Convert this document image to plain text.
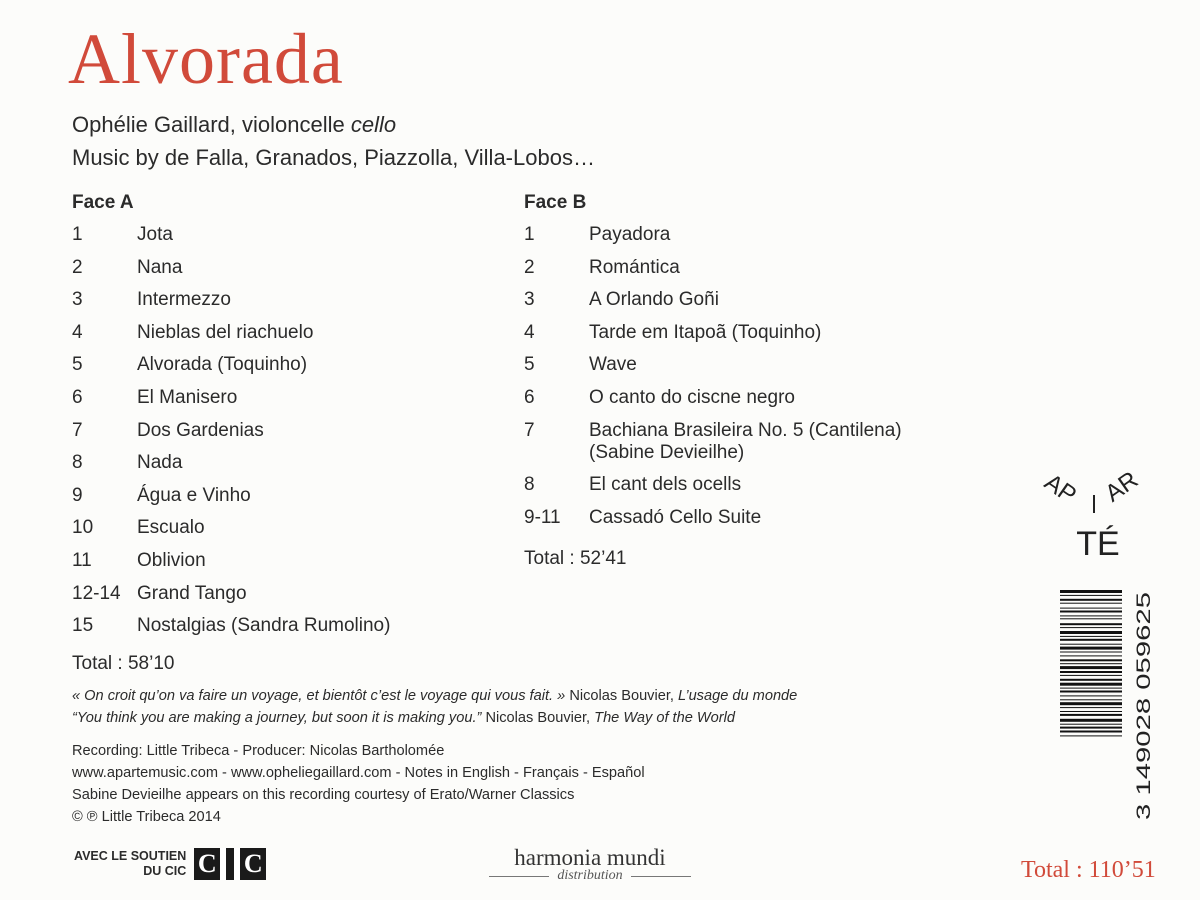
Alvorada
Ophélie Gaillard, violoncelle cello
Music by de Falla, Granados, Piazzolla, Villa-Lobos…
Face A
1	Jota
2	Nana
3	Intermezzo
4	Nieblas del riachuelo
5	Alvorada (Toquinho)
6	El Manisero
7	Dos Gardenias
8	Nada
9	Água e Vinho
10	Escualo
11	Oblivion
12-14 Grand Tango
15	Nostalgias (Sandra Rumolino)
Total : 58’10
Face B
1	Payadora
2	Romántica
3	A Orlando Goñi
4	Tarde em Itapoã (Toquinho)
5	Wave
6	O canto do ciscne negro
7	Bachiana Brasileira No. 5 (Cantilena)
(Sabine Devieilhe)
8	El cant dels ocells
9-11	Cassadó Cello Suite
Total : 52’41
« On croit qu’on va faire un voyage, et bientôt c’est le voyage qui vous fait. » Nicolas Bouvier, L’usage du monde
“You think you are making a journey, but soon it is making you.” Nicolas Bouvier, The Way of the World
Recording: Little Tribeca - Producer: Nicolas Bartholomée
www.apartemusic.com - www.opheliegaillard.com - Notes in English - Français - Español
Sabine Devieilhe appears on this recording courtesy of Erato/Warner Classics
© ℗ Little Tribeca 2014
AVEC LE SOUTIEN
DU CIC C C	harmonia mundi
distribution
AP AR
TÉ
3 149028 059625
Total : 110’51
